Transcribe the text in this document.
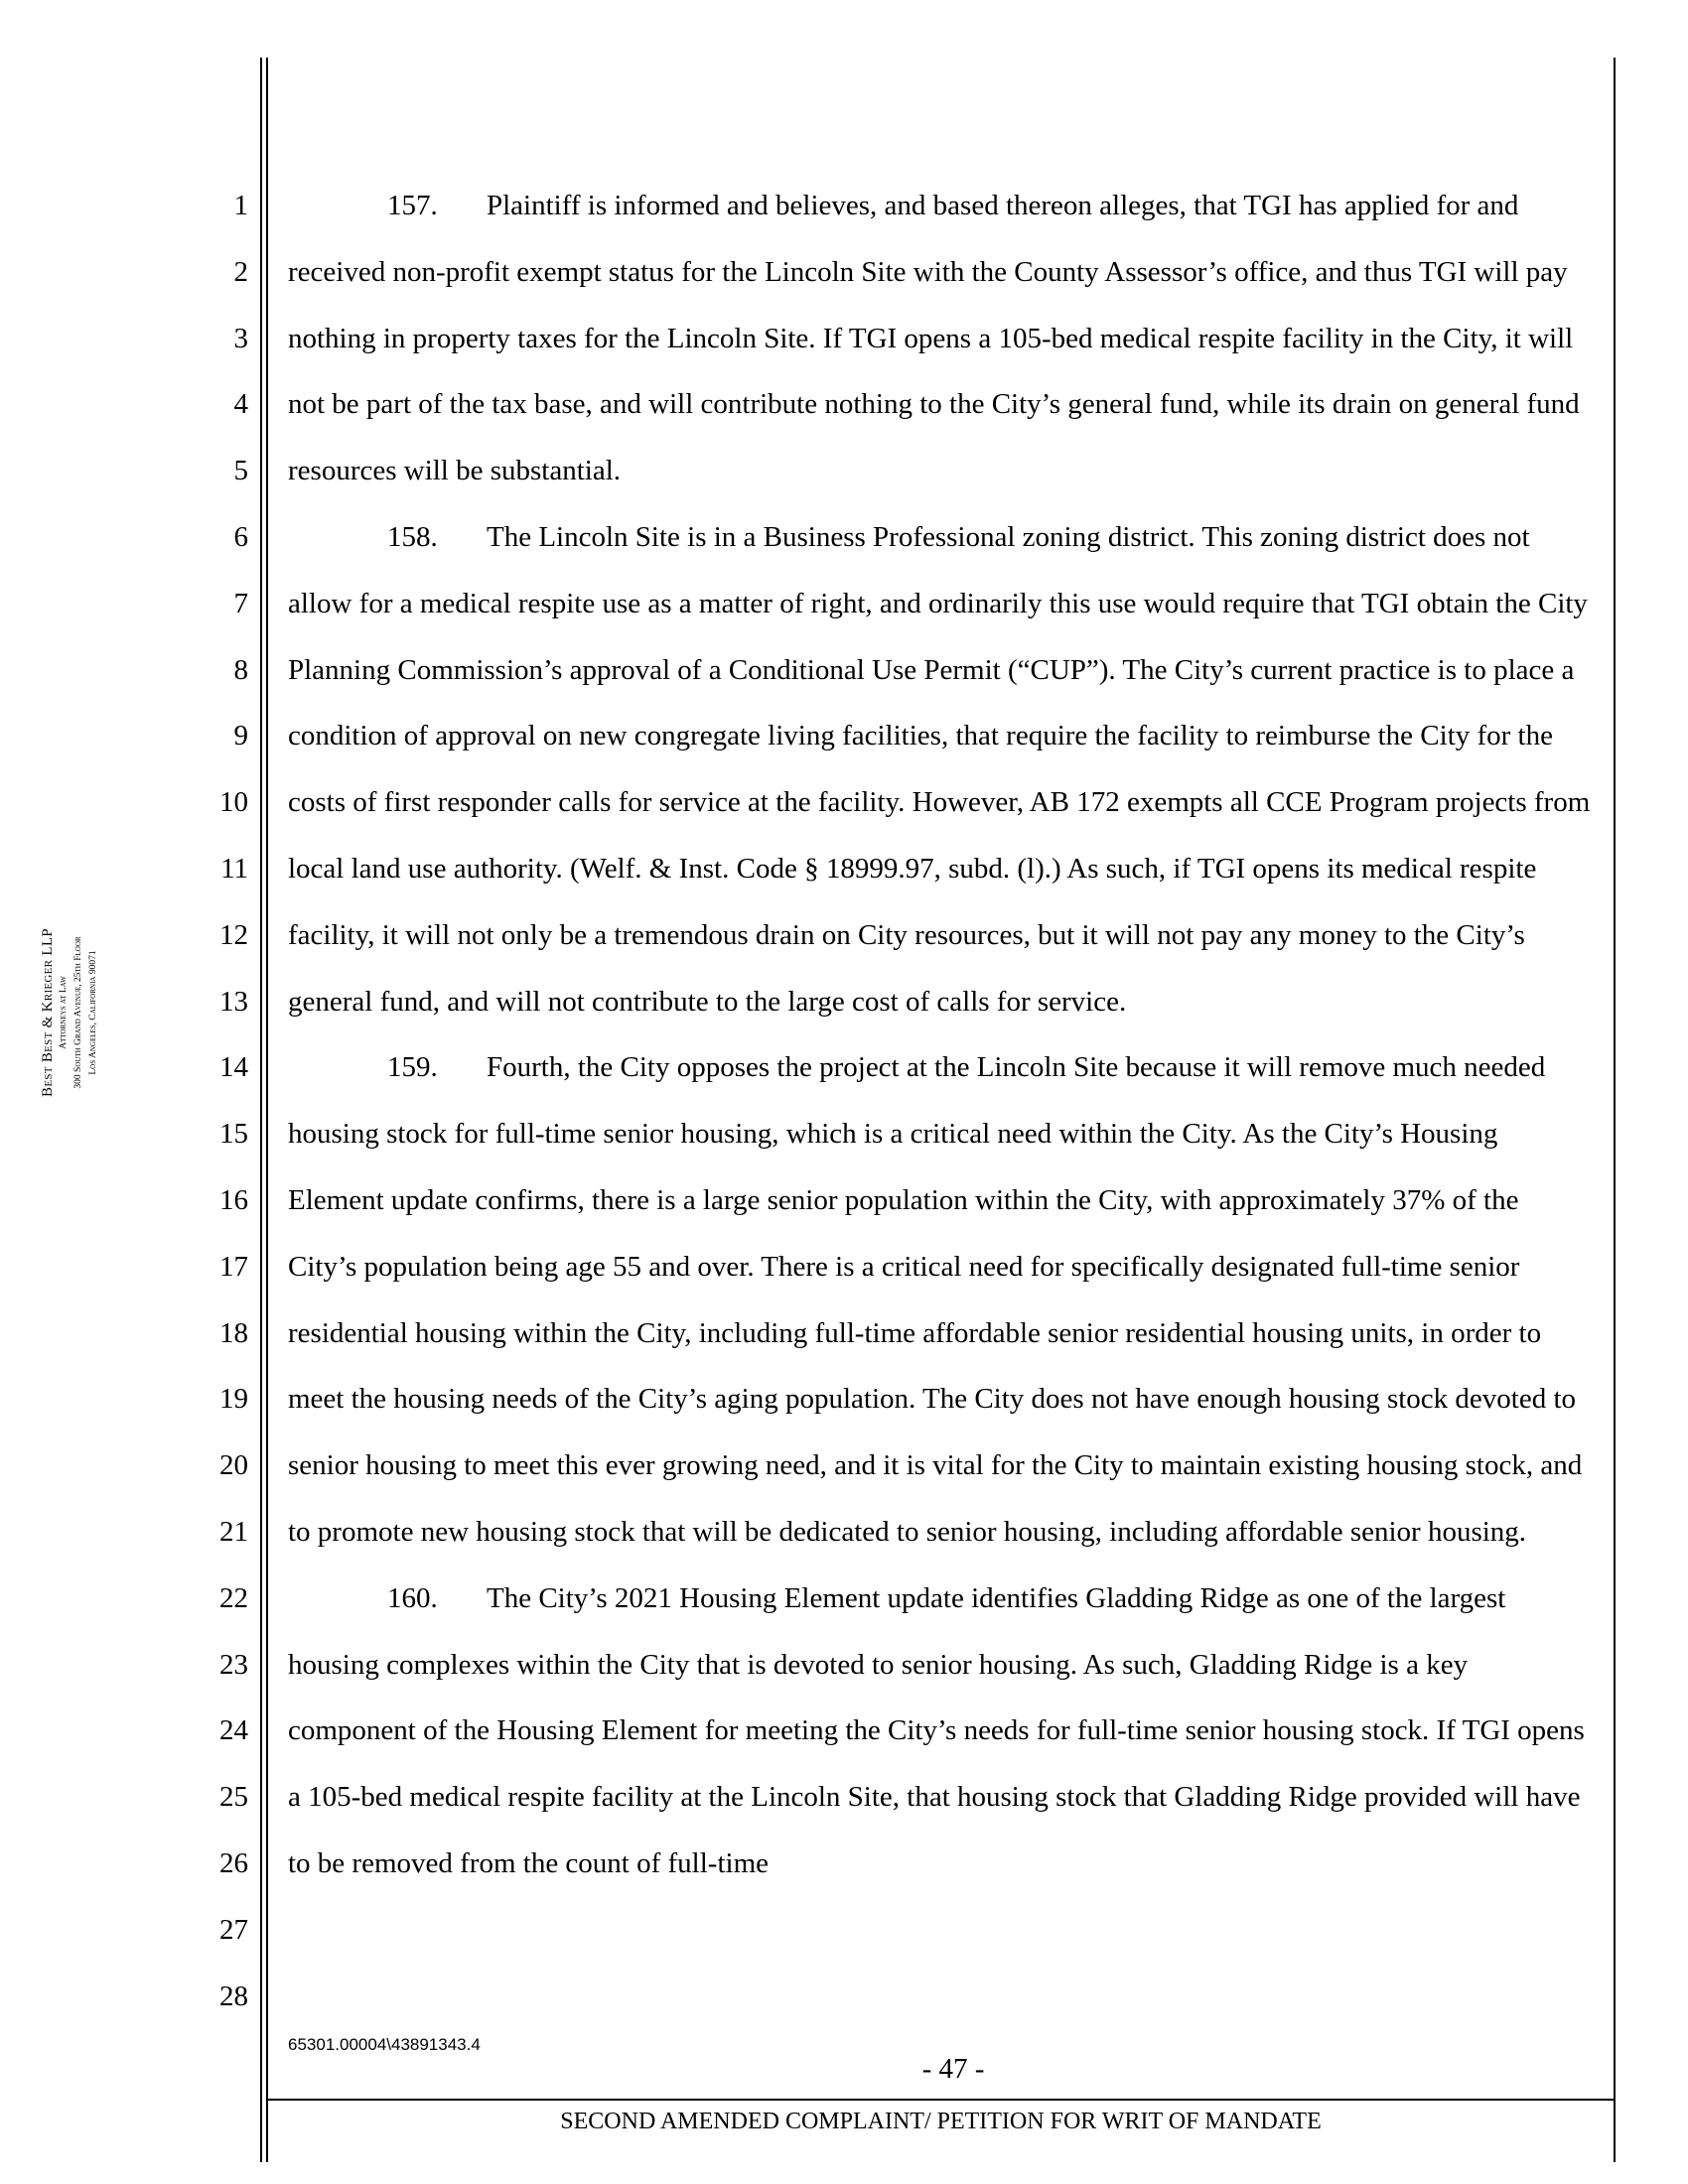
Best Best & Krieger LLP Attorneys at Law 300 South Grand Avenue, 25th Floor Los Angeles, California 90071
1
2
3
4
5
6
7
8
9
10
11
12
13
14
15
16
17
18
19
20
21
22
23
24
25
26
27
28

157. Plaintiff is informed and believes, and based thereon alleges, that TGI has applied for and received non-profit exempt status for the Lincoln Site with the County Assessor’s office, and thus TGI will pay nothing in property taxes for the Lincoln Site. If TGI opens a 105-bed medical respite facility in the City, it will not be part of the tax base, and will contribute nothing to the City’s general fund, while its drain on general fund resources will be substantial.

158. The Lincoln Site is in a Business Professional zoning district. This zoning district does not allow for a medical respite use as a matter of right, and ordinarily this use would require that TGI obtain the City Planning Commission’s approval of a Conditional Use Permit (“CUP”). The City’s current practice is to place a condition of approval on new congregate living facilities, that require the facility to reimburse the City for the costs of first responder calls for service at the facility. However, AB 172 exempts all CCE Program projects from local land use authority. (Welf. & Inst. Code § 18999.97, subd. (l).) As such, if TGI opens its medical respite facility, it will not only be a tremendous drain on City resources, but it will not pay any money to the City’s general fund, and will not contribute to the large cost of calls for service.

159. Fourth, the City opposes the project at the Lincoln Site because it will remove much needed housing stock for full-time senior housing, which is a critical need within the City. As the City’s Housing Element update confirms, there is a large senior population within the City, with approximately 37% of the City’s population being age 55 and over. There is a critical need for specifically designated full-time senior residential housing within the City, including full-time affordable senior residential housing units, in order to meet the housing needs of the City’s aging population. The City does not have enough housing stock devoted to senior housing to meet this ever growing need, and it is vital for the City to maintain existing housing stock, and to promote new housing stock that will be dedicated to senior housing, including affordable senior housing.

160. The City’s 2021 Housing Element update identifies Gladding Ridge as one of the largest housing complexes within the City that is devoted to senior housing. As such, Gladding Ridge is a key component of the Housing Element for meeting the City’s needs for full-time senior housing stock. If TGI opens a 105-bed medical respite facility at the Lincoln Site, that housing stock that Gladding Ridge provided will have to be removed from the count of full-time

65301.00004\43891343.4
- 47 -
SECOND AMENDED COMPLAINT/ PETITION FOR WRIT OF MANDATE
